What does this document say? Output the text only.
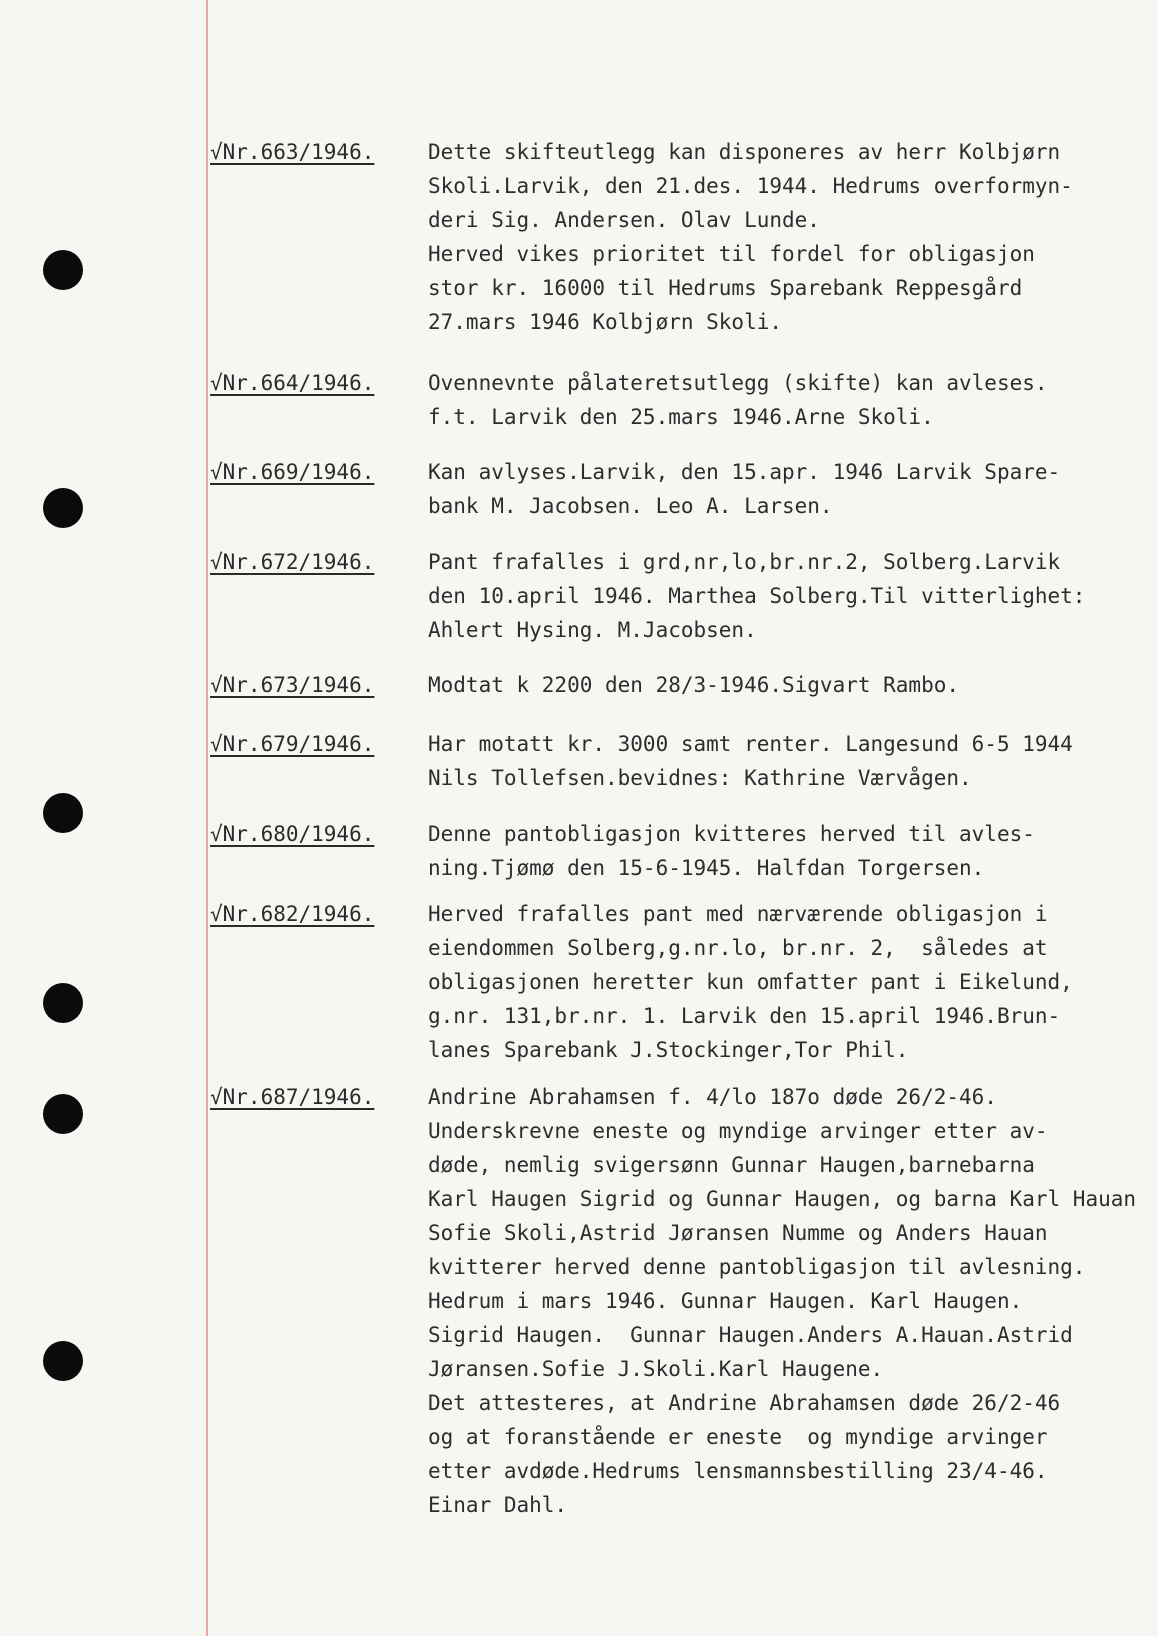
√Nr.663/1946.	Dette skifteutlegg kan disponeres av herr Kolbjørn
Skoli.Larvik, den 21.des. 1944. Hedrums overformyn-
deri Sig. Andersen. Olav Lunde.
Herved vikes prioritet til fordel for obligasjon
stor kr. 16000 til Hedrums Sparebank Reppesgård
27.mars 1946 Kolbjørn Skoli.
√Nr.664/1946.	Ovennevnte pålateretsutlegg (skifte) kan avleses.
f.t. Larvik den 25.mars 1946.Arne Skoli.
√Nr.669/1946.	Kan avlyses.Larvik, den 15.apr. 1946 Larvik Spare-
bank M. Jacobsen. Leo A. Larsen.
√Nr.672/1946.	Pant frafalles i grd,nr,lo,br.nr.2, Solberg.Larvik
den 10.april 1946. Marthea Solberg.Til vitterlighet:
Ahlert Hysing. M.Jacobsen.
√Nr.673/1946.	Modtat k 2200 den 28/3-1946.Sigvart Rambo.
√Nr.679/1946.	Har motatt kr. 3000 samt renter. Langesund 6-5 1944
Nils Tollefsen.bevidnes: Kathrine Værvågen.
√Nr.680/1946.	Denne pantobligasjon kvitteres herved til avles-
ning.Tjømø den 15-6-1945. Halfdan Torgersen.
√Nr.682/1946.	Herved frafalles pant med nærværende obligasjon i
eiendommen Solberg,g.nr.lo, br.nr. 2,  således at
obligasjonen heretter kun omfatter pant i Eikelund,
g.nr. 131,br.nr. 1. Larvik den 15.april 1946.Brun-
lanes Sparebank J.Stockinger,Tor Phil.
√Nr.687/1946.	Andrine Abrahamsen f. 4/lo 187o døde 26/2-46.
Underskrevne eneste og myndige arvinger etter av-
døde, nemlig svigersønn Gunnar Haugen,barnebarna
Karl Haugen Sigrid og Gunnar Haugen, og barna Karl Hauan
Sofie Skoli,Astrid Jøransen Numme og Anders Hauan
kvitterer herved denne pantobligasjon til avlesning.
Hedrum i mars 1946. Gunnar Haugen. Karl Haugen.
Sigrid Haugen.  Gunnar Haugen.Anders A.Hauan.Astrid
Jøransen.Sofie J.Skoli.Karl Haugene.
Det attesteres, at Andrine Abrahamsen døde 26/2-46
og at foranstående er eneste  og myndige arvinger
etter avdøde.Hedrums lensmannsbestilling 23/4-46.
Einar Dahl.
